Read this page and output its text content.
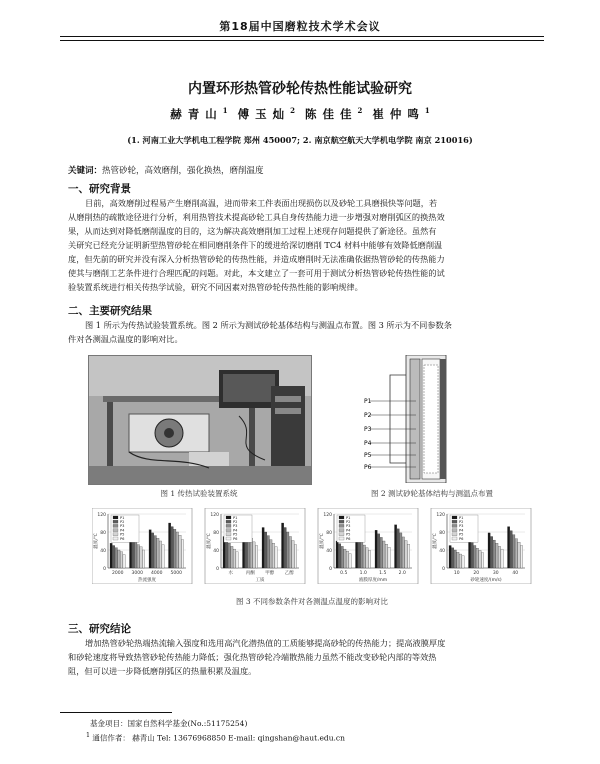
第18届中国磨粒技术学术会议
内置环形热管砂轮传热性能试验研究
赫青山$^1$ 傅玉灿$^2$ 陈佳佳$^2$ 崔仲鸣$^1$
(1. 河南工业大学机电工程学院 郑州 450007; 2. 南京航空航天大学机电学院 南京 210016)
关键词：热管砂轮，高效磨削，强化换热，磨削温度
一、研究背景
目前，高效磨削过程易产生磨削高温，进而带来工件表面出现损伤以及砂轮工具磨损快等问题，若
从磨削热的疏散途径进行分析，利用热管技术提高砂轮工具自身传热能力进一步增强对磨削弧区的换热效
果，从而达到对降低磨削温度的目的，这为解决高效磨削加工过程上述现存问题提供了新途径。虽然有
关研究已经充分证明新型热管砂轮在相同磨削条件下的缓进给深切磨削 TC4 材料中能够有效降低磨削温
度，但先前的研究并没有深入分析热管砂轮的传热性能，并造成磨削时无法准确依据热管砂轮的传热能力
使其与磨削工艺条件进行合理匹配的问题。对此，本文建立了一套可用于测试分析热管砂轮传热性能的试
验装置系统进行相关传热学试验，研究不同因素对热管砂轮传热性能的影响规律。
二、主要研究结果
图 1 所示为传热试验装置系统。图 2 所示为测试砂轮基体结构与测温点布置。图 3 所示为不同参数条
件对各测温点温度的影响对比。
图 1 传热试验装置系统
P1
P2
P3
P4
P5
P6
图 2 测试砂轮基体结构与测温点布置
0
40
80
120
2000 3000 4000 5000
热流强度
温度/℃
P1
P2
P3
P4
P5
P6
0
40
80
120
水	丙酮 甲醇 乙醇
工质
温度/℃
P1
P2
P3
P4
P5
P6
0
40
80
120
0.5	1.0	1.5	2.0
液膜厚度/mm
温度/℃
P1
P2
P3
P4
P5
P6
0
40
80
120
10	20	30	40
砂轮速度/(m/s)
温度/℃
P1
P2
P3
P4
P5
P6
图 3 不同参数条件对各测温点温度的影响对比
三、研究结论
增加热管砂轮热端热流输入强度和选用高汽化潜热值的工质能够提高砂轮的传热能力；提高液膜厚度
和砂轮速度将导致热管砂轮传热能力降低；强化热管砂轮冷端散热能力虽然不能改变砂轮内部的等效热
阻，但可以进一步降低磨削弧区的热量积累及温度。
基金项目：国家自然科学基金(No.:51175254)
$^1$ 通信作者： 赫青山 Tel: 13676968850 E-mail: qingshan@haut.edu.cn
